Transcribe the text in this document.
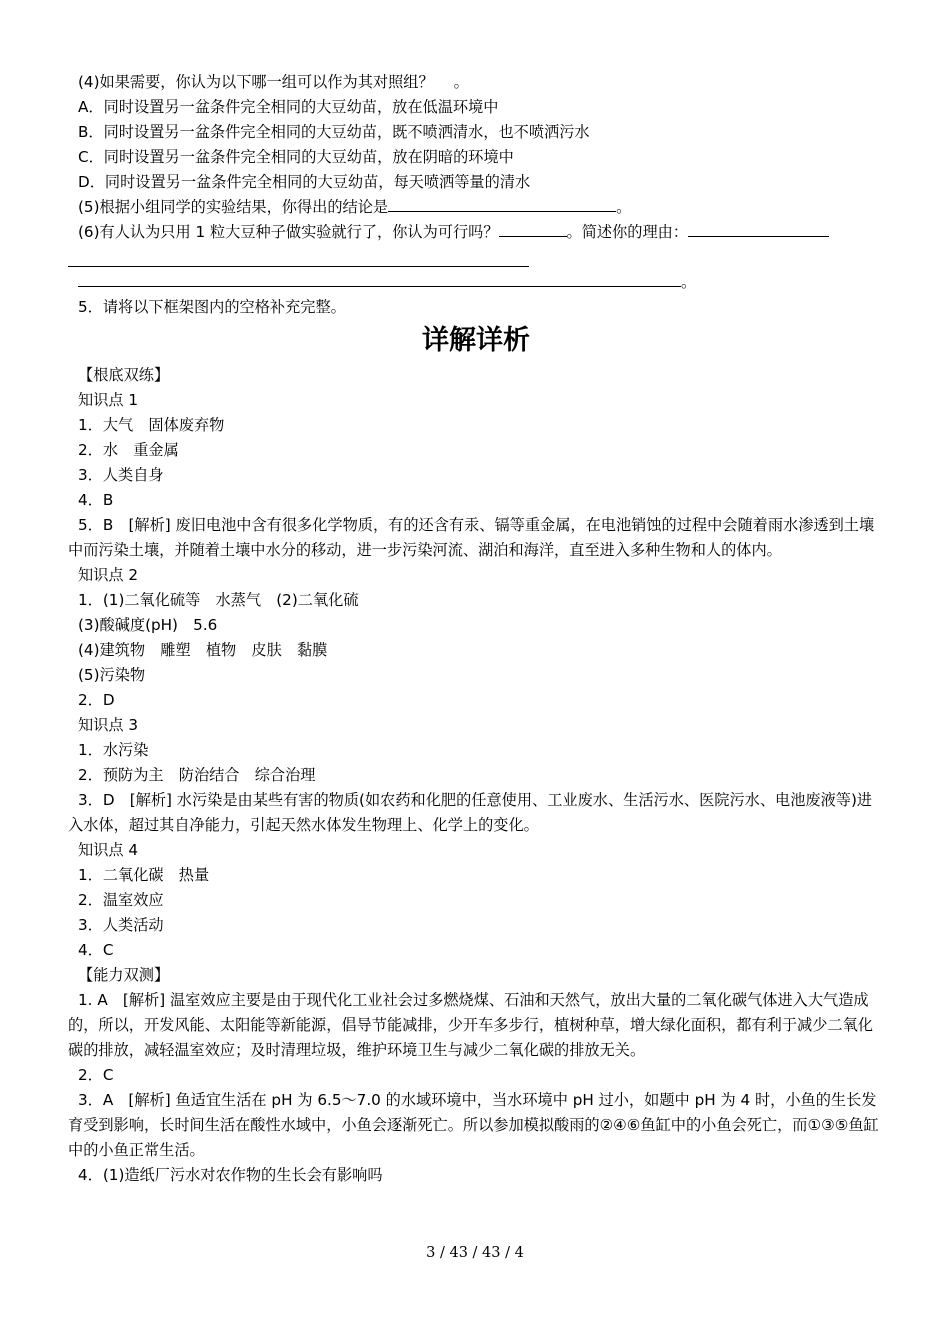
(4)如果需要，你认为以下哪一组可以作为其对照组？　 。
A．同时设置另一盆条件完全相同的大豆幼苗，放在低温环境中
B．同时设置另一盆条件完全相同的大豆幼苗，既不喷洒清水，也不喷洒污水
C．同时设置另一盆条件完全相同的大豆幼苗，放在阴暗的环境中
D．同时设置另一盆条件完全相同的大豆幼苗，每天喷洒等量的清水
(5)根据小组同学的实验结果，你得出的结论是	。
(6)有人认为只用 1 粒大豆种子做实验就行了，你认为可行吗？	。简述你的理由：
。
5．请将以下框架图内的空格补充完整。
详解详析
【根底双练】
知识点 1
1．大气　固体废弃物
2．水　重金属
3．人类自身
4．B
5．B　[解析] 废旧电池中含有很多化学物质，有的还含有汞、镉等重金属，在电池销蚀的过程中会随着雨水渗透到土壤中而污染土壤，并随着土壤中水分的移动，进一步污染河流、湖泊和海洋，直至进入多种生物和人的体内。
知识点 2
1．(1)二氧化硫等　水蒸气　(2)二氧化硫
(3)酸碱度(pH)　5.6
(4)建筑物　雕塑　植物　皮肤　黏膜
(5)污染物
2．D
知识点 3
1．水污染
2．预防为主　防治结合　综合治理
3．D　[解析] 水污染是由某些有害的物质(如农药和化肥的任意使用、工业废水、生活污水、医院污水、电池废液等)进入水体，超过其自净能力，引起天然水体发生物理上、化学上的变化。
知识点 4
1．二氧化碳　热量
2．温室效应
3．人类活动
4．C
【能力双测】
1. A　[解析] 温室效应主要是由于现代化工业社会过多燃烧煤、石油和天然气，放出大量的二氧化碳气体进入大气造成的，所以，开发风能、太阳能等新能源，倡导节能减排，少开车多步行，植树种草，增大绿化面积，都有利于减少二氧化碳的排放，减轻温室效应；及时清理垃圾，维护环境卫生与减少二氧化碳的排放无关。
2．C
3．A　[解析] 鱼适宜生活在 pH 为 6.5～7.0 的水域环境中，当水环境中 pH 过小，如题中 pH 为 4 时，小鱼的生长发育受到影响，长时间生活在酸性水域中，小鱼会逐渐死亡。所以参加模拟酸雨的②④⑥鱼缸中的小鱼会死亡，而①③⑤鱼缸中的小鱼正常生活。
4．(1)造纸厂污水对农作物的生长会有影响吗
3 / 43 / 43 / 4
